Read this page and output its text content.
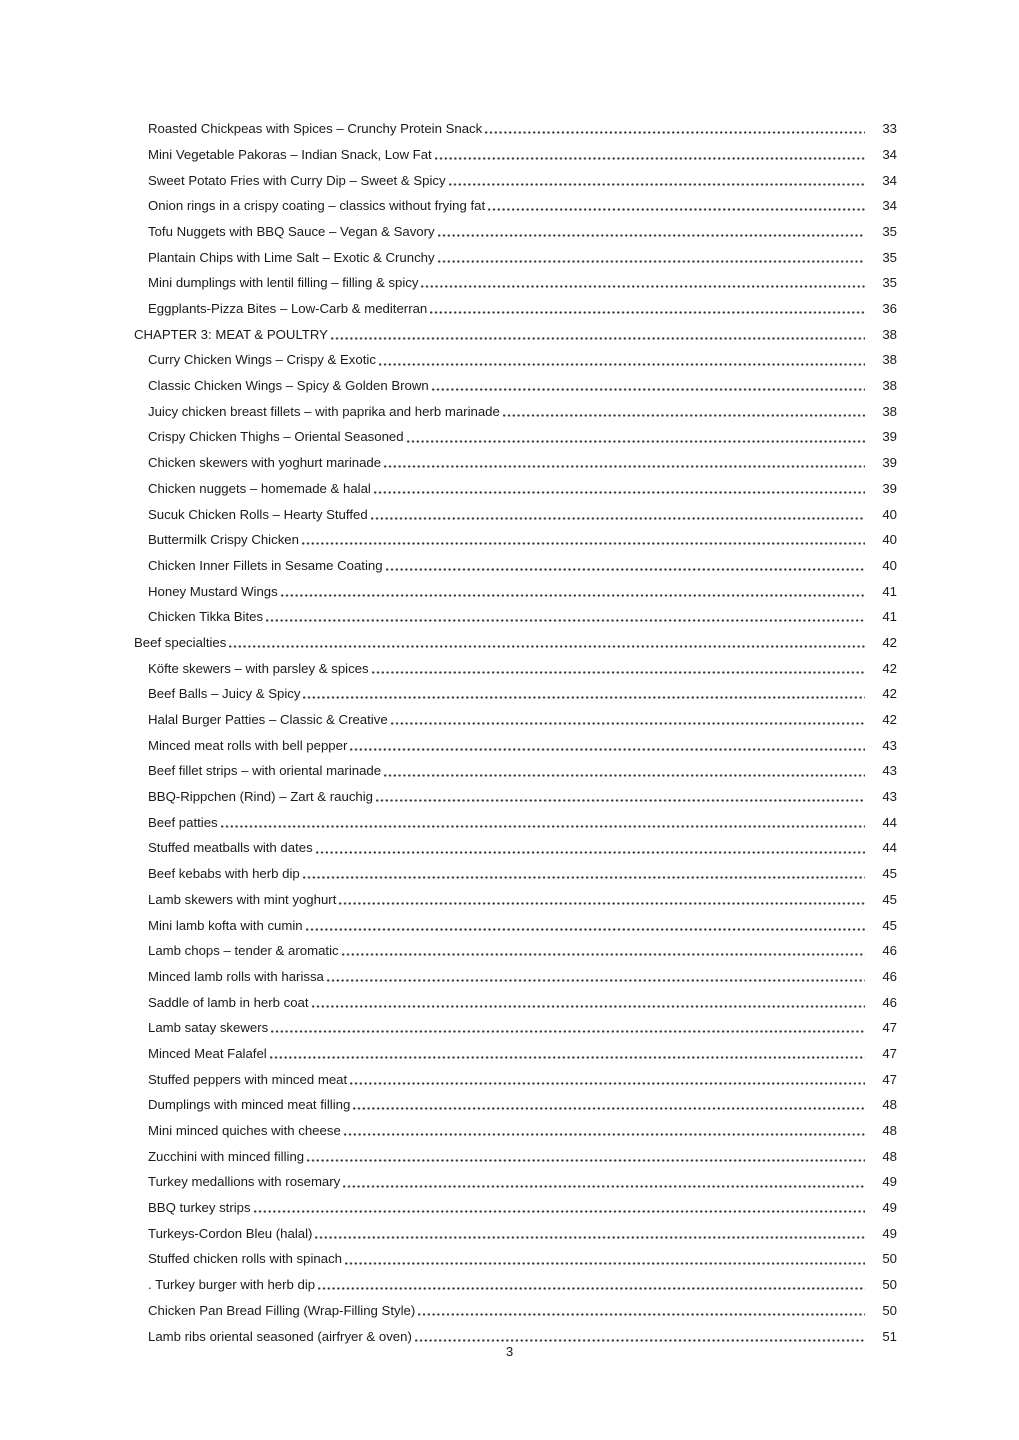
Roasted Chickpeas with Spices – Crunchy Protein Snack	33
Mini Vegetable Pakoras – Indian Snack, Low Fat	34
Sweet Potato Fries with Curry Dip – Sweet & Spicy	34
Onion rings in a crispy coating – classics without frying fat	34
Tofu Nuggets with BBQ Sauce – Vegan & Savory	35
Plantain Chips with Lime Salt – Exotic & Crunchy	35
Mini dumplings with lentil filling – filling & spicy	35
Eggplants-Pizza Bites – Low-Carb & mediterran	36
CHAPTER 3: MEAT & POULTRY	38
Curry Chicken Wings – Crispy & Exotic	38
Classic Chicken Wings – Spicy & Golden Brown	38
Juicy chicken breast fillets – with paprika and herb marinade	38
Crispy Chicken Thighs – Oriental Seasoned	39
Chicken skewers with yoghurt marinade	39
Chicken nuggets – homemade & halal	39
Sucuk Chicken Rolls – Hearty Stuffed	40
Buttermilk Crispy Chicken	40
Chicken Inner Fillets in Sesame Coating	40
Honey Mustard Wings	41
Chicken Tikka Bites	41
Beef specialties	42
Köfte skewers – with parsley & spices	42
Beef Balls – Juicy & Spicy	42
Halal Burger Patties – Classic & Creative	42
Minced meat rolls with bell pepper	43
Beef fillet strips – with oriental marinade	43
BBQ-Rippchen (Rind) – Zart & rauchig	43
Beef patties	44
Stuffed meatballs with dates	44
Beef kebabs with herb dip	45
Lamb skewers with mint yoghurt	45
Mini lamb kofta with cumin	45
Lamb chops – tender & aromatic	46
Minced lamb rolls with harissa	46
Saddle of lamb in herb coat	46
Lamb satay skewers	47
Minced Meat Falafel	47
Stuffed peppers with minced meat	47
Dumplings with minced meat filling	48
Mini minced quiches with cheese	48
Zucchini with minced filling	48
Turkey medallions with rosemary	49
BBQ turkey strips	49
Turkeys-Cordon Bleu (halal)	49
Stuffed chicken rolls with spinach	50
. Turkey burger with herb dip	50
Chicken Pan Bread Filling (Wrap-Filling Style)	50
Lamb ribs oriental seasoned (airfryer & oven)	51
3
